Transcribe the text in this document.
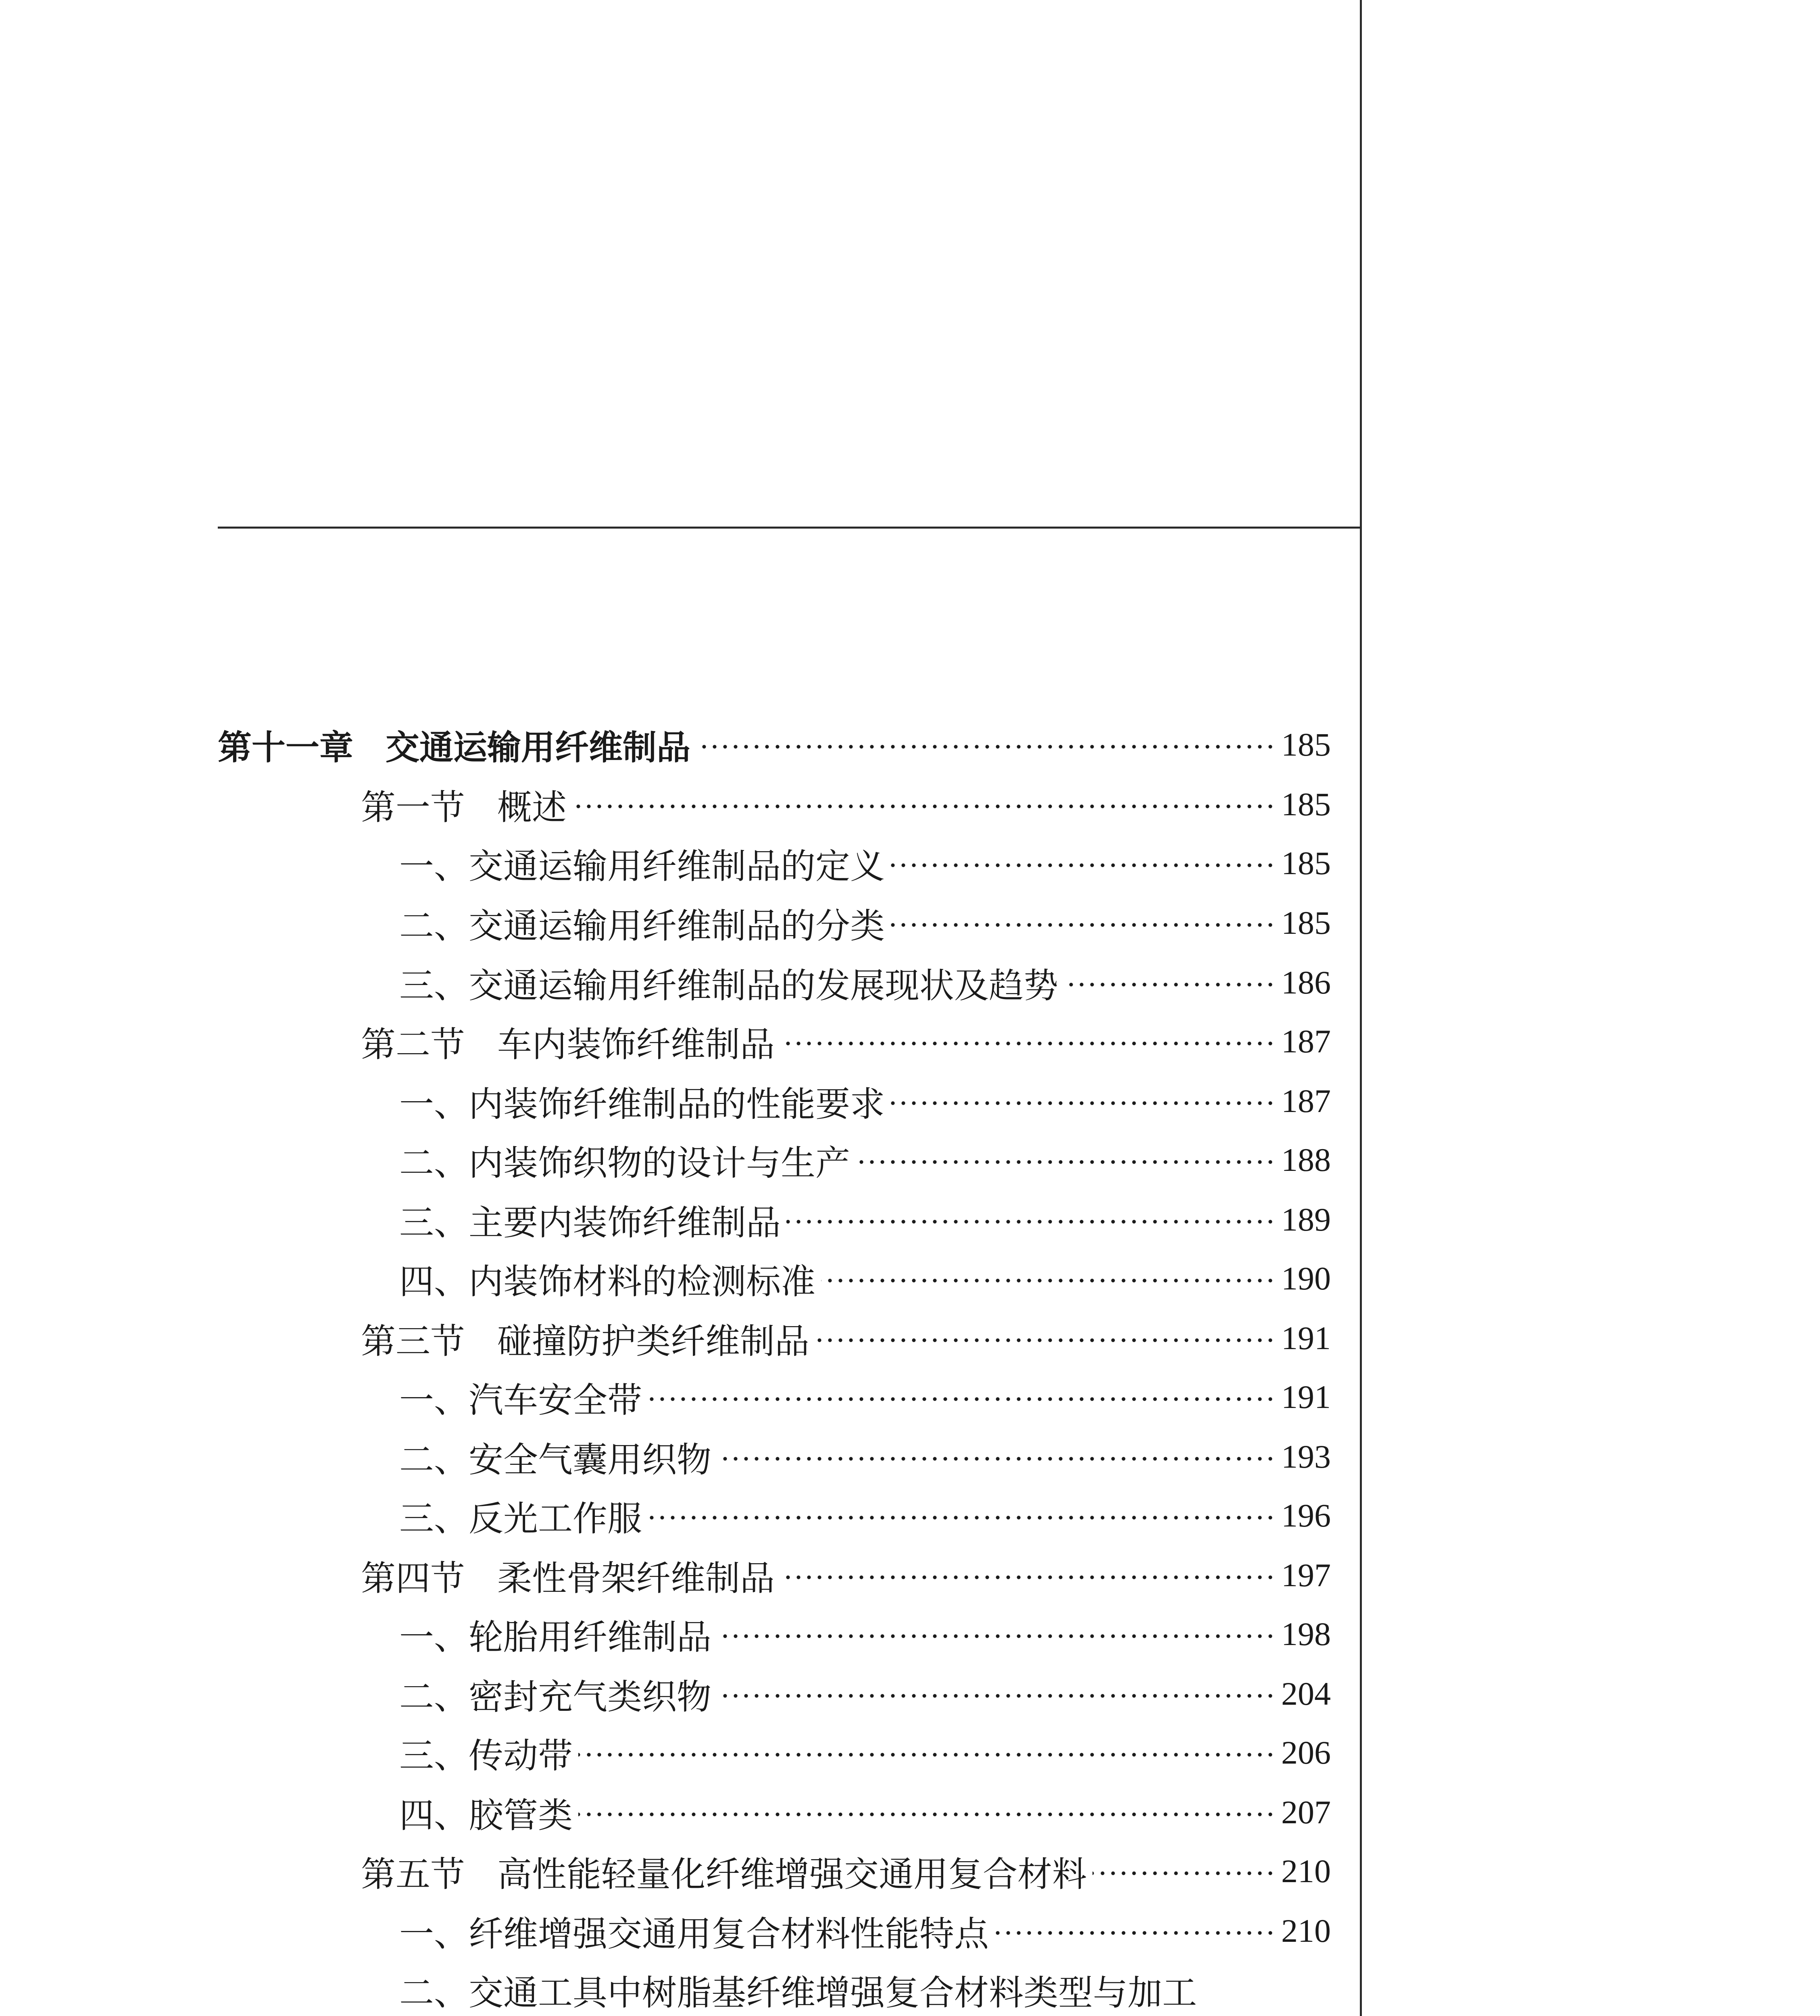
第十一章 交通运输用纤维制品	185
第一节 概述	185
一、交通运输用纤维制品的定义	185
二、交通运输用纤维制品的分类	185
三、交通运输用纤维制品的发展现状及趋势	186
第二节 车内装饰纤维制品	187
一、内装饰纤维制品的性能要求	187
二、内装饰织物的设计与生产	188
三、主要内装饰纤维制品	189
四、内装饰材料的检测标准	190
第三节 碰撞防护类纤维制品	191
一、汽车安全带	191
二、安全气囊用织物	193
三、反光工作服	196
第四节 柔性骨架纤维制品	197
一、轮胎用纤维制品	198
二、密封充气类织物	204
三、传动带	206
四、胶管类	207
第五节 高性能轻量化纤维增强交通用复合材料	210
一、纤维增强交通用复合材料性能特点	210
二、交通工具中树脂基纤维增强复合材料类型与加工
